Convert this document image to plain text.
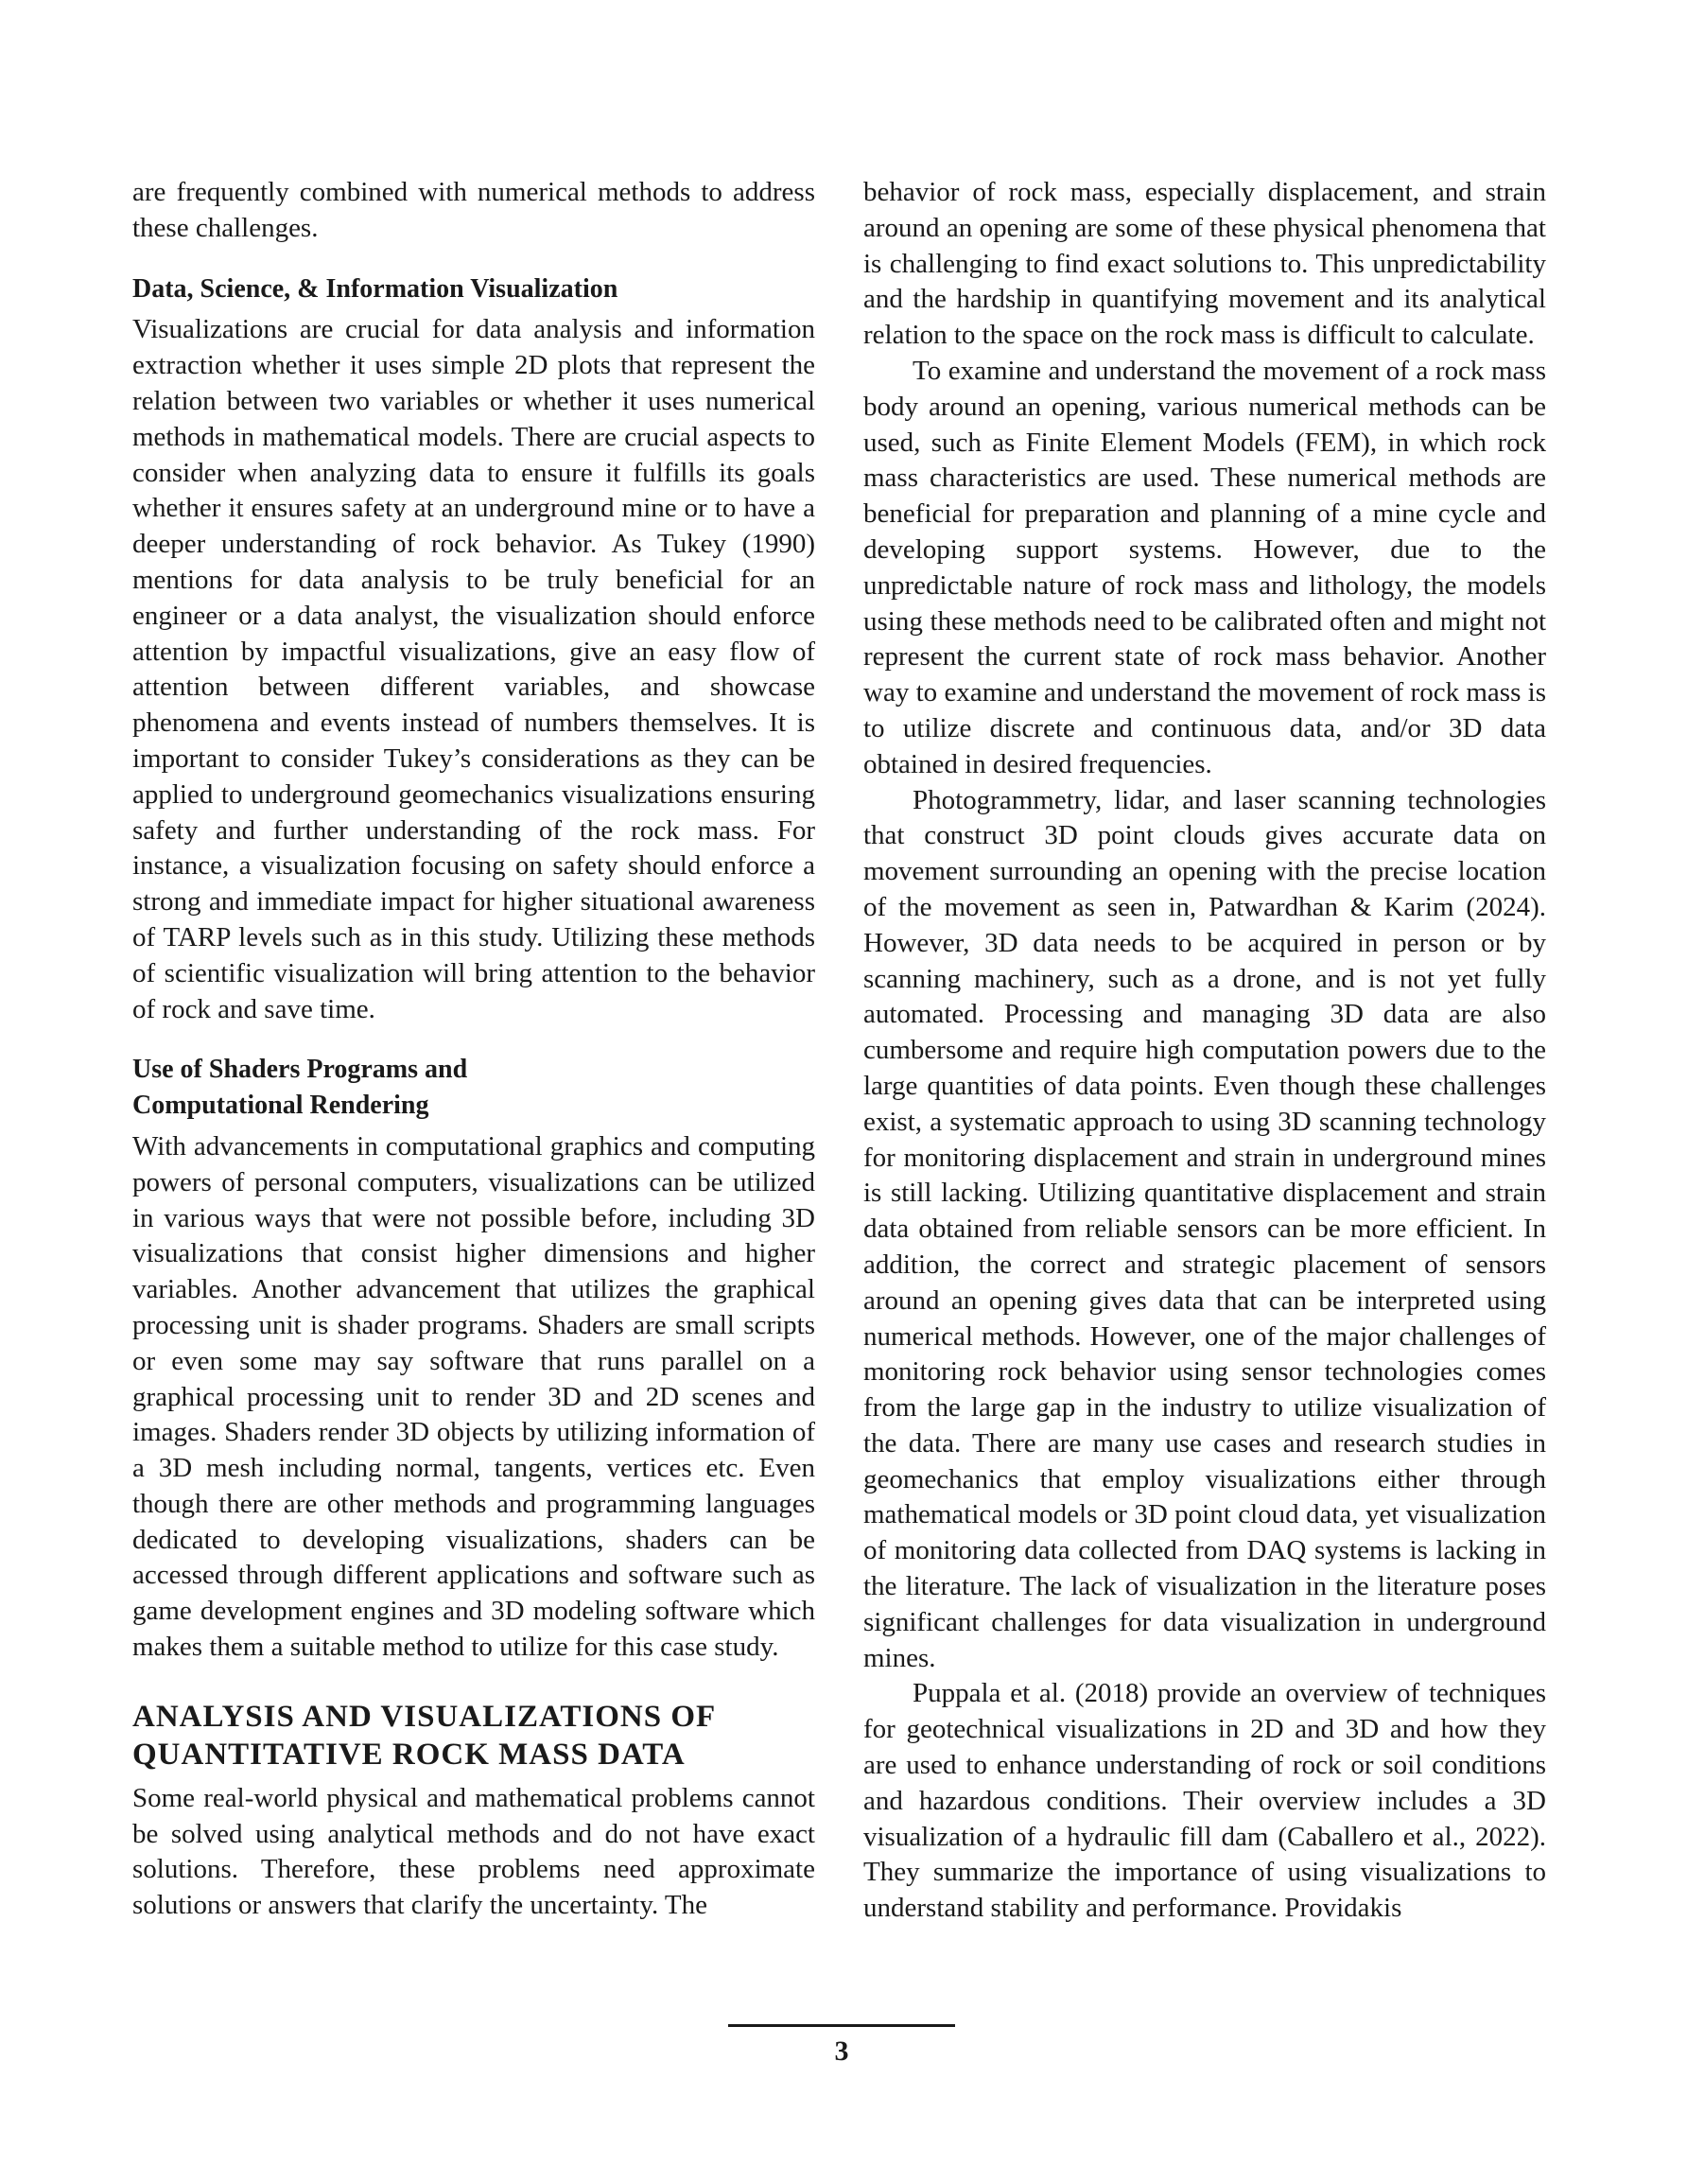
are frequently combined with numerical methods to address these challenges.

Data, Science, & Information Visualization

Visualizations are crucial for data analysis and information extraction whether it uses simple 2D plots that represent the relation between two variables or whether it uses numerical methods in mathematical models. There are crucial aspects to consider when analyzing data to ensure it fulfills its goals whether it ensures safety at an underground mine or to have a deeper understanding of rock behavior. As Tukey (1990) mentions for data analysis to be truly beneficial for an engineer or a data analyst, the visualization should enforce attention by impactful visualizations, give an easy flow of attention between different variables, and showcase phenomena and events instead of numbers themselves. It is important to consider Tukey’s considerations as they can be applied to underground geomechanics visualizations ensuring safety and further understanding of the rock mass. For instance, a visualization focusing on safety should enforce a strong and immediate impact for higher situational awareness of TARP levels such as in this study. Utilizing these methods of scientific visualization will bring attention to the behavior of rock and save time.

Use of Shaders Programs and
Computational Rendering

With advancements in computational graphics and computing powers of personal computers, visualizations can be utilized in various ways that were not possible before, including 3D visualizations that consist higher dimensions and higher variables. Another advancement that utilizes the graphical processing unit is shader programs. Shaders are small scripts or even some may say software that runs parallel on a graphical processing unit to render 3D and 2D scenes and images. Shaders render 3D objects by utilizing information of a 3D mesh including normal, tangents, vertices etc. Even though there are other methods and programming languages dedicated to developing visualizations, shaders can be accessed through different applications and software such as game development engines and 3D modeling software which makes them a suitable method to utilize for this case study.

ANALYSIS AND VISUALIZATIONS OF
QUANTITATIVE ROCK MASS DATA

Some real-world physical and mathematical problems cannot be solved using analytical methods and do not have exact solutions. Therefore, these problems need approximate solutions or answers that clarify the uncertainty. The

behavior of rock mass, especially displacement, and strain around an opening are some of these physical phenomena that is challenging to find exact solutions to. This unpredictability and the hardship in quantifying movement and its analytical relation to the space on the rock mass is difficult to calculate.

To examine and understand the movement of a rock mass body around an opening, various numerical methods can be used, such as Finite Element Models (FEM), in which rock mass characteristics are used. These numerical methods are beneficial for preparation and planning of a mine cycle and developing support systems. However, due to the unpredictable nature of rock mass and lithology, the models using these methods need to be calibrated often and might not represent the current state of rock mass behavior. Another way to examine and understand the movement of rock mass is to utilize discrete and continuous data, and/or 3D data obtained in desired frequencies.

Photogrammetry, lidar, and laser scanning technologies that construct 3D point clouds gives accurate data on movement surrounding an opening with the precise location of the movement as seen in, Patwardhan & Karim (2024). However, 3D data needs to be acquired in person or by scanning machinery, such as a drone, and is not yet fully automated. Processing and managing 3D data are also cumbersome and require high computation powers due to the large quantities of data points. Even though these challenges exist, a systematic approach to using 3D scanning technology for monitoring displacement and strain in underground mines is still lacking. Utilizing quantitative displacement and strain data obtained from reliable sensors can be more efficient. In addition, the correct and strategic placement of sensors around an opening gives data that can be interpreted using numerical methods. However, one of the major challenges of monitoring rock behavior using sensor technologies comes from the large gap in the industry to utilize visualization of the data. There are many use cases and research studies in geomechanics that employ visualizations either through mathematical models or 3D point cloud data, yet visualization of monitoring data collected from DAQ systems is lacking in the literature. The lack of visualization in the literature poses significant challenges for data visualization in underground mines.

Puppala et al. (2018) provide an overview of techniques for geotechnical visualizations in 2D and 3D and how they are used to enhance understanding of rock or soil conditions and hazardous conditions. Their overview includes a 3D visualization of a hydraulic fill dam (Caballero et al., 2022). They summarize the importance of using visualizations to understand stability and performance. Providakis

3
